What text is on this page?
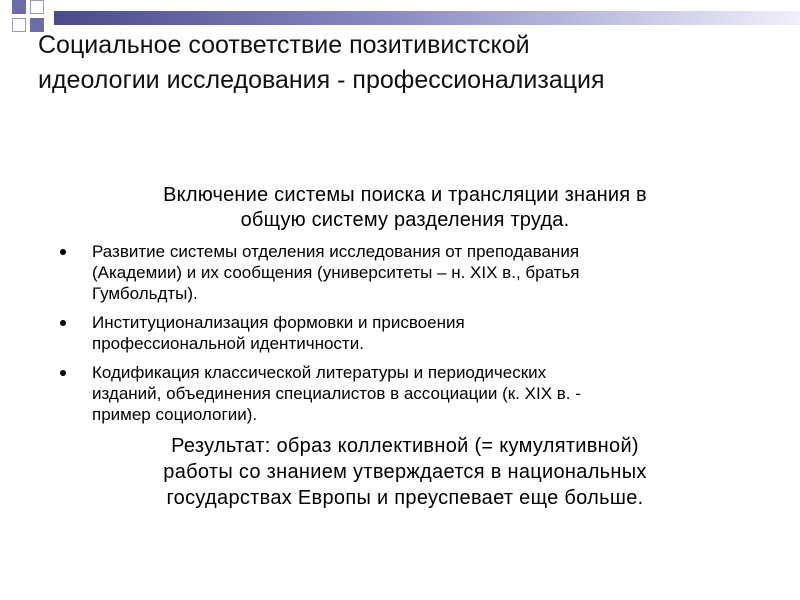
Социальное соответствие позитивистской
идеологии исследования - профессионализация

Включение системы поиска и трансляции знания в
общую систему разделения труда.

Развитие системы отделения исследования от преподавания
(Академии) и их сообщения (университеты – н. XIX в., братья
Гумбольдты).
Институционализация формовки и присвоения
профессиональной идентичности.
Кодификация классической литературы и периодических
изданий, объединения специалистов в ассоциации (к. XIX в. -
пример социологии).

Результат: образ коллективной (= кумулятивной)
работы со знанием утверждается в национальных
государствах Европы и преуспевает еще больше.
